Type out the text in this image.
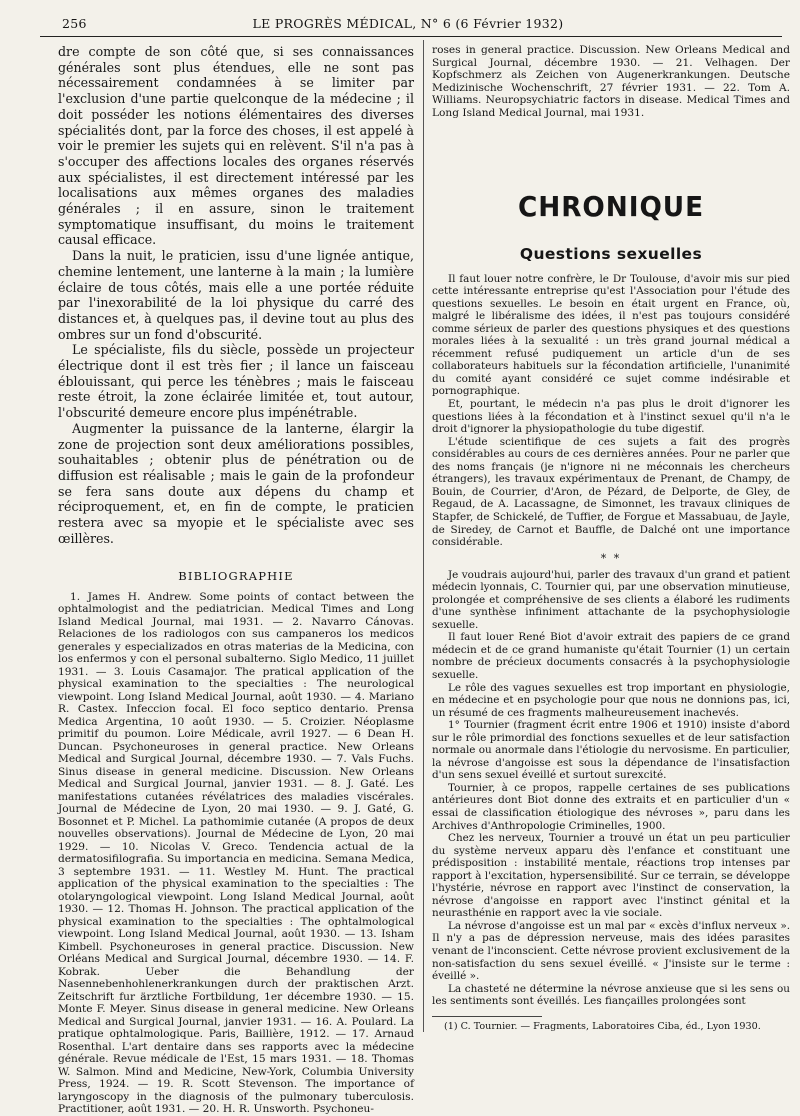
256	LE PROGRÈS MÉDICAL, N° 6 (6 Février 1932)

dre compte de son côté que, si ses connaissances générales sont plus étendues, elle ne sont pas nécessairement condamnées à se limiter par l'exclusion d'une partie quelconque de la médecine ; il doit posséder les notions élémentaires des diverses spécialités dont, par la force des choses, il est appelé à voir le premier les sujets qui en relèvent. S'il n'a pas à s'occuper des affections locales des organes réservés aux spécialistes, il est directement intéressé par les localisations aux mêmes organes des maladies générales ; il en assure, sinon le traitement symptomatique insuffisant, du moins le traitement causal efficace.

Dans la nuit, le praticien, issu d'une lignée antique, chemine lentement, une lanterne à la main ; la lumière éclaire de tous côtés, mais elle a une portée réduite par l'inexorabilité de la loi physique du carré des distances et, à quelques pas, il devine tout au plus des ombres sur un fond d'obscurité.

Le spécialiste, fils du siècle, possède un projecteur électrique dont il est très fier ; il lance un faisceau éblouissant, qui perce les ténèbres ; mais le faisceau reste étroit, la zone éclairée limitée et, tout autour, l'obscurité demeure encore plus impénétrable.

Augmenter la puissance de la lanterne, élargir la zone de projection sont deux améliorations possibles, souhaitables ; obtenir plus de pénétration ou de diffusion est réalisable ; mais le gain de la profondeur se fera sans doute aux dépens du champ et réciproquement, et, en fin de compte, le praticien restera avec sa myopie et le spécialiste avec ses œillères.

BIBLIOGRAPHIE

1. James H. Andrew. Some points of contact between the ophtalmologist and the pediatrician. Medical Times and Long Island Medical Journal, mai 1931. — 2. Navarro Cánovas. Relaciones de los radiologos con sus campaneros los medicos generales y especializados en otras materias de la Medicina, con los enfermos y con el personal subalterno. Siglo Medico, 11 juillet 1931. — 3. Louis Casamajor. The pratical application of the physical examination to the specialties : The neurological viewpoint. Long Island Medical Journal, août 1930. — 4. Mariano R. Castex. Infeccion focal. El foco septico dentario. Prensa Medica Argentina, 10 août 1930. — 5. Croizier. Néoplasme primitif du poumon. Loire Médicale, avril 1927. — 6 Dean H. Duncan. Psychoneuroses in general practice. New Orleans Medical and Surgical Journal, décembre 1930. — 7. Vals Fuchs. Sinus disease in general medicine. Discussion. New Orleans Medical and Surgical Journal, janvier 1931. — 8. J. Gaté. Les manifestations cutanées révélatrices des maladies viscérales. Journal de Médecine de Lyon, 20 mai 1930. — 9. J. Gaté, G. Bosonnet et P. Michel. La pathomimie cutanée (A propos de deux nouvelles observations). Journal de Médecine de Lyon, 20 mai 1929. — 10. Nicolas V. Greco. Tendencia actual de la dermatosifilografia. Su importancia en medicina. Semana Medica, 3 septembre 1931. — 11. Westley M. Hunt. The practical application of the physical examination to the specialties : The otolaryngological viewpoint. Long Island Medical Journal, août 1930. — 12. Thomas H. Johnson. The practical application of the physical examination to the specialties : The ophtalmological viewpoint. Long Island Medical Journal, août 1930. — 13. Isham Kimbell. Psychoneuroses in general practice. Discussion. New Orléans Medical and Surgical Journal, décembre 1930. — 14. F. Kobrak. Ueber die Behandlung der Nasennebenhohlenerkrankungen durch der praktischen Arzt. Zeitschrift fur ärztliche Fortbildung, 1er décembre 1930. — 15. Monte F. Meyer. Sinus disease in general medicine. New Orleans Medical and Surgical Journal, janvier 1931. — 16. A. Poulard. La pratique ophtalmologique. Paris, Baillière, 1912. — 17. Arnaud Rosenthal. L'art dentaire dans ses rapports avec la médecine générale. Revue médicale de l'Est, 15 mars 1931. — 18. Thomas W. Salmon. Mind and Medicine, New-York, Columbia University Press, 1924. — 19. R. Scott Stevenson. The importance of laryngoscopy in the diagnosis of the pulmonary tuberculosis. Practitioner, août 1931. — 20. H. R. Unsworth. Psychoneu-

roses in general practice. Discussion. New Orleans Medical and Surgical Journal, décembre 1930. — 21. Velhagen. Der Kopfschmerz als Zeichen von Augenerkrankungen. Deutsche Medizinische Wochenschrift, 27 février 1931. — 22. Tom A. Williams. Neuropsychiatric factors in disease. Medical Times and Long Island Medical Journal, mai 1931.

CHRONIQUE
Questions sexuelles

Il faut louer notre confrère, le Dr Toulouse, d'avoir mis sur pied cette intéressante entreprise qu'est l'Association pour l'étude des questions sexuelles. Le besoin en était urgent en France, où, malgré le libéralisme des idées, il n'est pas toujours considéré comme sérieux de parler des questions physiques et des questions morales liées à la sexualité : un très grand journal médical a récemment refusé pudiquement un article d'un de ses collaborateurs habituels sur la fécondation artificielle, l'unanimité du comité ayant considéré ce sujet comme indésirable et pornographique.

Et, pourtant, le médecin n'a pas plus le droit d'ignorer les questions liées à la fécondation et à l'instinct sexuel qu'il n'a le droit d'ignorer la physiopathologie du tube digestif.

L'étude scientifique de ces sujets a fait des progrès considérables au cours de ces dernières années. Pour ne parler que des noms français (je n'ignore ni ne méconnais les chercheurs étrangers), les travaux expérimentaux de Prenant, de Champy, de Bouin, de Courrier, d'Aron, de Pézard, de Delporte, de Gley, de Regaud, de A. Lacassagne, de Simonnet, les travaux cliniques de Stapfer, de Schickelé, de Tuffier, de Forgue et Massabuau, de Jayle, de Siredey, de Carnot et Bauffle, de Dalché ont une importance considérable.

* *

Je voudrais aujourd'hui, parler des travaux d'un grand et patient médecin lyonnais, C. Tournier qui, par une observation minutieuse, prolongée et compréhensive de ses clients a élaboré les rudiments d'une synthèse infiniment attachante de la psychophysiologie sexuelle.

Il faut louer René Biot d'avoir extrait des papiers de ce grand médecin et de ce grand humaniste qu'était Tournier (1) un certain nombre de précieux documents consacrés à la psychophysiologie sexuelle.

Le rôle des vagues sexuelles est trop important en physiologie, en médecine et en psychologie pour que nous ne donnions pas, ici, un résumé de ces fragments malheureusement inachevés.

1° Tournier (fragment écrit entre 1906 et 1910) insiste d'abord sur le rôle primordial des fonctions sexuelles et de leur satisfaction normale ou anormale dans l'étiologie du nervosisme. En particulier, la névrose d'angoisse est sous la dépendance de l'insatisfaction d'un sens sexuel éveillé et surtout surexcité.

Tournier, à ce propos, rappelle certaines de ses publications antérieures dont Biot donne des extraits et en particulier d'un « essai de classification étiologique des névroses », paru dans les Archives d'Anthropologie Criminelles, 1900.

Chez les nerveux, Tournier a trouvé un état un peu particulier du système nerveux apparu dès l'enfance et constituant une prédisposition : instabilité mentale, réactions trop intenses par rapport à l'excitation, hypersensibilité. Sur ce terrain, se développe l'hystérie, névrose en rapport avec l'instinct de conservation, la névrose d'angoisse en rapport avec l'instinct génital et la neurasthénie en rapport avec la vie sociale.

La névrose d'angoisse est un mal par « excès d'influx nerveux ». Il n'y a pas de dépression nerveuse, mais des idées parasites venant de l'inconscient. Cette névrose provient exclusivement de la non-satisfaction du sens sexuel éveillé. « J'insiste sur le terme : éveillé ».

La chasteté ne détermine la névrose anxieuse que si les sens ou les sentiments sont éveillés. Les fiançailles prolongées sont

(1) C. Tournier. — Fragments, Laboratoires Ciba, éd., Lyon 1930.
